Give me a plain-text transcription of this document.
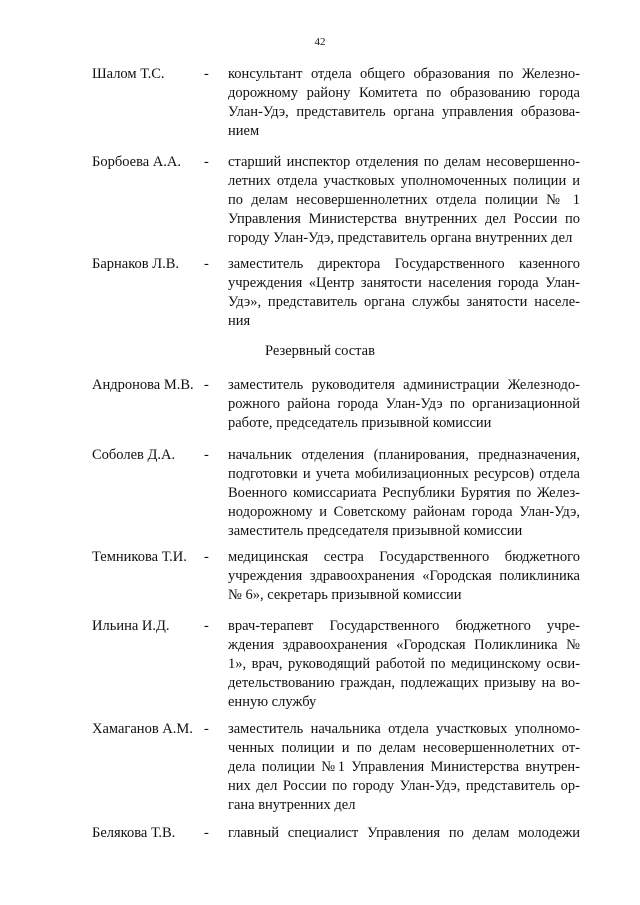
42
Шалом Т.С.	- консультант отдела общего образования по Железно-
дорожному району Комитета по образованию города
Улан-Удэ, представитель органа управления образова-
нием
Борбоева А.А. - старший инспектор отделения по делам несовершенно-
летних отдела участковых уполномоченных полиции и
по делам несовершеннолетних отдела полиции № 1
Управления Министерства внутренних дел России по
городу Улан-Удэ, представитель органа внутренних дел
Барнаков Л.В. - заместитель директора Государственного казенного
учреждения «Центр занятости населения города Улан-
Удэ», представитель органа службы занятости населе-
ния
Резервный состав
Андронова М.В. - заместитель руководителя администрации Железнодо-
рожного района города Улан-Удэ по организационной
работе, председатель призывной комиссии
Соболев Д.А. - начальник отделения (планирования, предназначения,
подготовки и учета мобилизационных ресурсов) отдела
Военного комиссариата Республики Бурятия по Желез-
нодорожному и Советскому районам города Улан-Удэ,
заместитель председателя призывной комиссии
Темникова Т.И. - медицинская сестра Государственного бюджетного
учреждения здравоохранения «Городская поликлиника
№ 6», секретарь призывной комиссии
Ильина И.Д. - врач-терапевт Государственного бюджетного учре-
ждения здравоохранения «Городская Поликлиника №
1», врач, руководящий работой по медицинскому осви-
детельствованию граждан, подлежащих призыву на во-
енную службу
Хамаганов А.М. - заместитель начальника отдела участковых уполномо-
ченных полиции и по делам несовершеннолетних от-
дела полиции №1 Управления Министерства внутрен-
них дел России по городу Улан-Удэ, представитель ор-
гана внутренних дел
Белякова Т.В. - главный специалист Управления по делам молодежи
